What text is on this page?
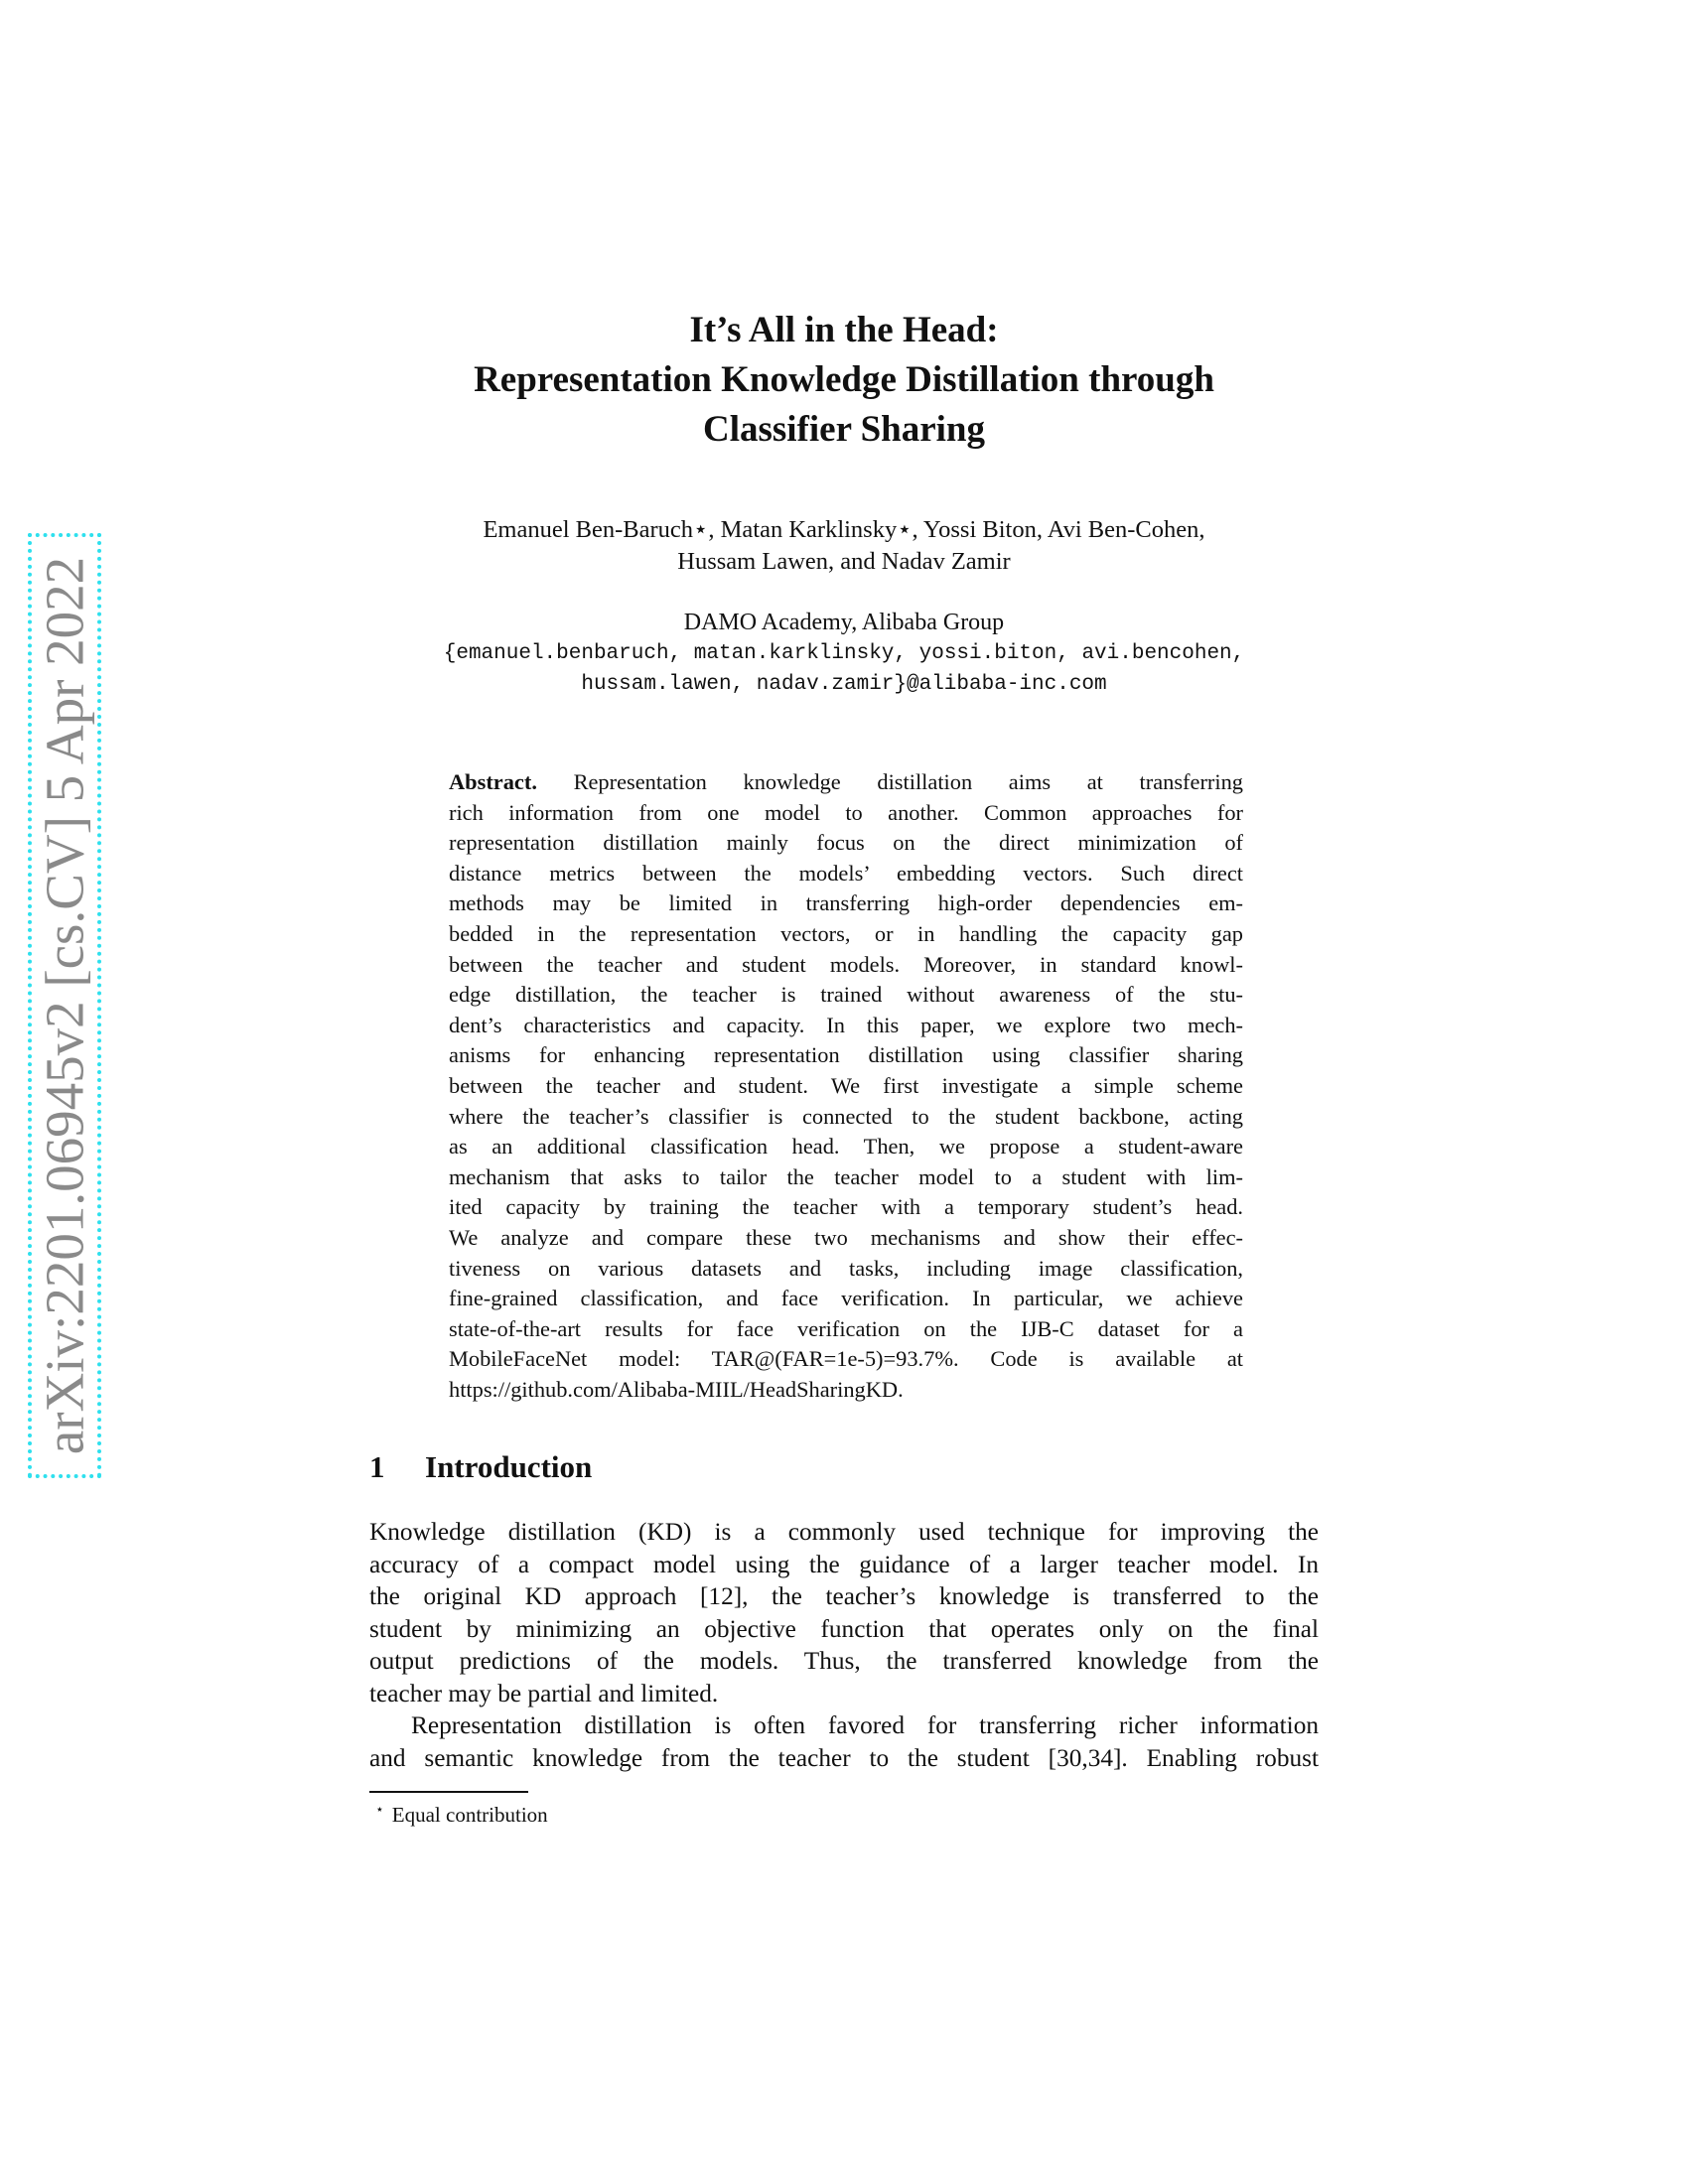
arXiv:2201.06945v2 [cs.CV] 5 Apr 2022
It’s All in the Head:
Representation Knowledge Distillation through
Classifier Sharing
Emanuel Ben-Baruch⋆, Matan Karklinsky⋆, Yossi Biton, Avi Ben-Cohen,
Hussam Lawen, and Nadav Zamir
DAMO Academy, Alibaba Group
{emanuel.benbaruch, matan.karklinsky, yossi.biton, avi.bencohen,
hussam.lawen, nadav.zamir}@alibaba-inc.com
Abstract. Representation knowledge distillation aims at transferring
rich information from one model to another. Common approaches for
representation distillation mainly focus on the direct minimization of
distance metrics between the models’ embedding vectors. Such direct
methods may be limited in transferring high-order dependencies em-
bedded in the representation vectors, or in handling the capacity gap
between the teacher and student models. Moreover, in standard knowl-
edge distillation, the teacher is trained without awareness of the stu-
dent’s characteristics and capacity. In this paper, we explore two mech-
anisms for enhancing representation distillation using classifier sharing
between the teacher and student. We first investigate a simple scheme
where the teacher’s classifier is connected to the student backbone, acting
as an additional classification head. Then, we propose a student-aware
mechanism that asks to tailor the teacher model to a student with lim-
ited capacity by training the teacher with a temporary student’s head.
We analyze and compare these two mechanisms and show their effec-
tiveness on various datasets and tasks, including image classification,
fine-grained classification, and face verification. In particular, we achieve
state-of-the-art results for face verification on the IJB-C dataset for a
MobileFaceNet model: TAR@(FAR=1e-5)=93.7%. Code is available at
https://github.com/Alibaba-MIIL/HeadSharingKD.
1 Introduction
Knowledge distillation (KD) is a commonly used technique for improving the
accuracy of a compact model using the guidance of a larger teacher model. In
the original KD approach [12], the teacher’s knowledge is transferred to the
student by minimizing an objective function that operates only on the final
output predictions of the models. Thus, the transferred knowledge from the
teacher may be partial and limited.
Representation distillation is often favored for transferring richer information
and semantic knowledge from the teacher to the student [30,34]. Enabling robust
⋆ Equal contribution
